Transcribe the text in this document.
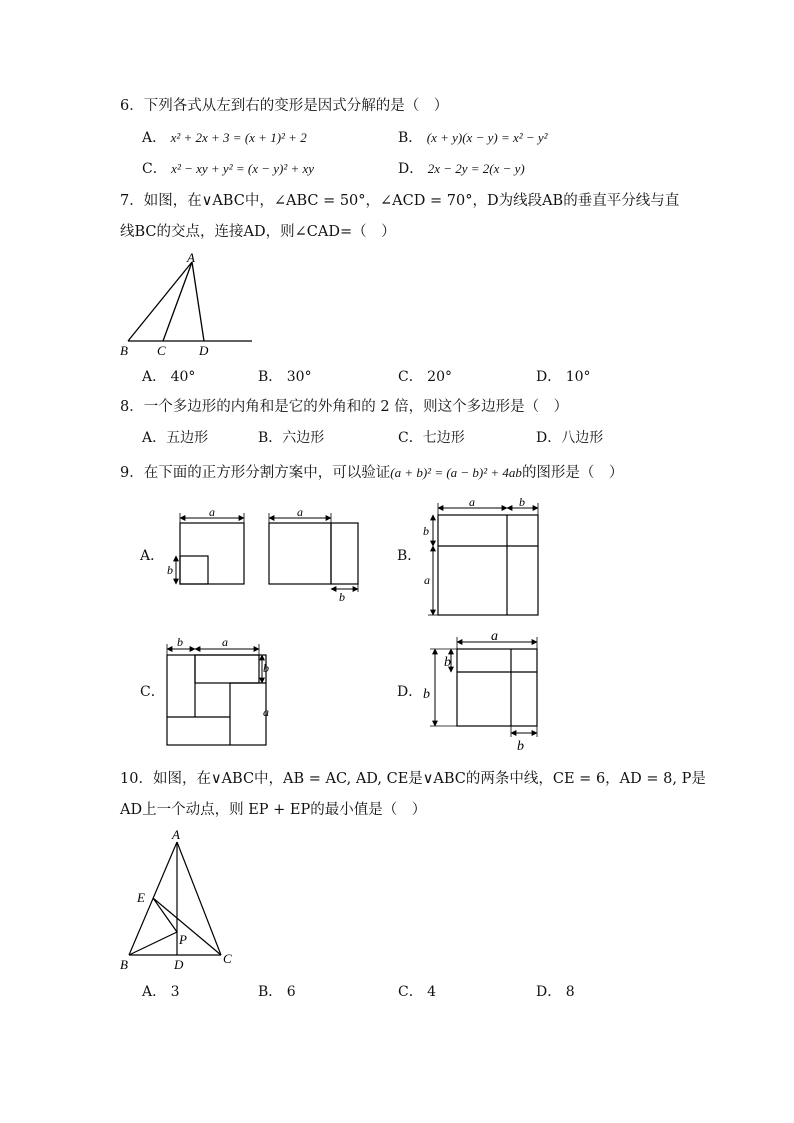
6．下列各式从左到右的变形是因式分解的是（　）
A． x² + 2x + 3 = (x + 1)² + 2	B． (x + y)(x − y) = x² − y²
C． x² − xy + y² = (x − y)² + xy	D． 2x − 2y = 2(x − y)
7．如图，在∨ABC中，∠ABC = 50°，∠ACD = 70°，D为线段AB的垂直平分线与直
线BC的交点，连接AD，则∠CAD=（　）
A
B C	D
A． 40°	B． 30°	C． 20°	D． 10°
8．一个多边形的内角和是它的外角和的 2 倍，则这个多边形是（　）
A．五边形	B．六边形	C．七边形	D．八边形
9．在下面的正方形分割方案中，可以验证(a + b)² = (a − b)² + 4ab的图形是（　）
A．
a
b
a
b
B．
a	b
b
a
C．
b	a
b
a
D．
a
b
b
b
10．如图，在∨ABC中，AB = AC, AD, CE是∨ABC的两条中线，CE = 6，AD = 8, P是
AD上一个动点，则 EP + EP的最小值是（　）
A
E
P
B	D	C
A． 3	B． 6	C． 4	D． 8
